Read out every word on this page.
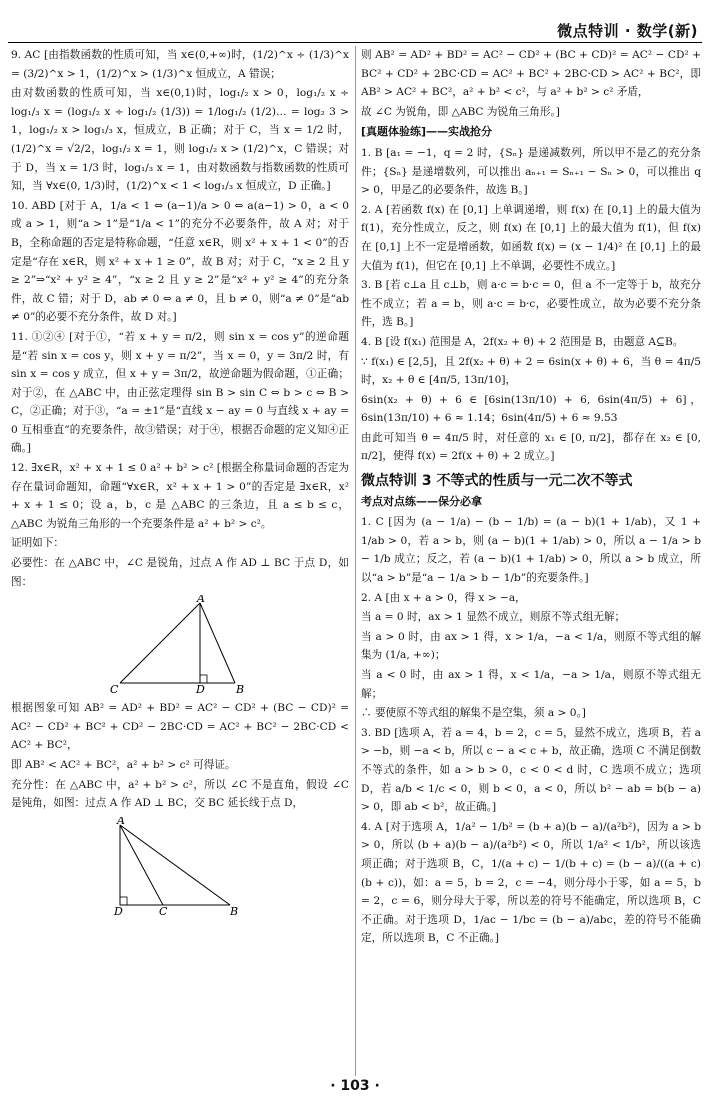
微点特训 · 数学(新)

9. AC [由指数函数的性质可知，当 x∈(0,+∞)时，(1/2)^x ÷ (1/3)^x = (3/2)^x > 1，(1/2)^x > (1/3)^x 恒成立，A 错误；

由对数函数的性质可知，当 x∈(0,1)时，log₁/₂ x > 0，log₁/₂ x ÷ log₁/₃ x = (log₁/₂ x ÷ log₁/₂ (1/3)) = 1/log₁/₂ (1/2)… = log₂ 3 > 1，log₁/₂ x > log₁/₃ x，恒成立，B 正确；对于 C，当 x = 1/2 时，(1/2)^x = √2/2，log₁/₂ x = 1，则 log₁/₂ x > (1/2)^x，C 错误；对于 D，当 x = 1/3 时，log₁/₃ x = 1，由对数函数与指数函数的性质可知，当 ∀x∈(0, 1/3)时，(1/2)^x < 1 < log₁/₃ x 恒成立，D 正确。]

10. ABD [对于 A，1/a < 1 ⇔ (a−1)/a > 0 ⇔ a(a−1) > 0，a < 0 或 a > 1，则“a > 1”是“1/a < 1”的充分不必要条件，故 A 对；对于 B，全称命题的否定是特称命题，“任意 x∈R，则 x² + x + 1 < 0”的否定是“存在 x∈R，则 x² + x + 1 ≥ 0”，故 B 对；对于 C，“x ≥ 2 且 y ≥ 2”⇒“x² + y² ≥ 4”，“x ≥ 2 且 y ≥ 2”是“x² + y² ≥ 4”的充分条件，故 C 错；对于 D，ab ≠ 0 ⇔ a ≠ 0，且 b ≠ 0，则“a ≠ 0”是“ab ≠ 0”的必要不充分条件，故 D 对。]

11. ①②④ [对于①，“若 x + y = π/2，则 sin x = cos y”的逆命题是“若 sin x = cos y，则 x + y = π/2”，当 x = 0，y = 3π/2 时，有 sin x = cos y 成立，但 x + y = 3π/2，故逆命题为假命题，①正确；对于②，在 △ABC 中，由正弦定理得 sin B > sin C ⇔ b > c ⇔ B > C，②正确；对于③，“a = ±1”是“直线 x − ay = 0 与直线 x + ay = 0 互相垂直”的充要条件，故③错误；对于④，根据否命题的定义知④正确。]

12. ∃x∈R，x² + x + 1 ≤ 0 a² + b² > c² [根据全称量词命题的否定为存在量词命题知，命题“∀x∈R，x² + x + 1 > 0”的否定是 ∃x∈R，x² + x + 1 ≤ 0；设 a，b，c 是 △ABC 的三条边，且 a ≤ b ≤ c，△ABC 为锐角三角形的一个充要条件是 a² + b² > c²。

证明如下：

必要性：在 △ABC 中，∠C 是锐角，过点 A 作 AD ⊥ BC 于点 D，如图：

A
C	D	B

根据图象可知 AB² = AD² + BD² = AC² − CD² + (BC − CD)² = AC² − CD² + BC² + CD² − 2BC·CD = AC² + BC² − 2BC·CD < AC² + BC²，

即 AB² < AC² + BC²，a² + b² > c² 可得证。

充分性：在 △ABC 中，a² + b² > c²，所以 ∠C 不是直角，假设 ∠C 是钝角，如图：过点 A 作 AD ⊥ BC，交 BC 延长线于点 D，

A
D	C	B

则 AB² = AD² + BD² = AC² − CD² + (BC + CD)² = AC² − CD² + BC² + CD² + 2BC·CD = AC² + BC² + 2BC·CD > AC² + BC²，即 AB² > AC² + BC²，a² + b² < c²，与 a² + b² > c² 矛盾，

故 ∠C 为锐角，即 △ABC 为锐角三角形。]

[真题体验练]——实战抢分

1. B [a₁ = −1，q = 2 时，{Sₙ} 是递减数列，所以甲不是乙的充分条件；{Sₙ} 是递增数列，可以推出 aₙ₊₁ = Sₙ₊₁ − Sₙ > 0，可以推出 q > 0，甲是乙的必要条件，故选 B。]

2. A [若函数 f(x) 在 [0,1] 上单调递增，则 f(x) 在 [0,1] 上的最大值为 f(1)，充分性成立，反之，则 f(x) 在 [0,1] 上的最大值为 f(1)，但 f(x) 在 [0,1] 上不一定是增函数，如函数 f(x) = (x − 1/4)² 在 [0,1] 上的最大值为 f(1)，但它在 [0,1] 上不单调，必要性不成立。]

3. B [若 c⊥a 且 c⊥b，则 a·c = b·c = 0，但 a 不一定等于 b，故充分性不成立；若 a = b，则 a·c = b·c，必要性成立，故为必要不充分条件，选 B。]

4. B [设 f(x₁) 范围是 A，2f(x₂ + θ) + 2 范围是 B，由题意 A⊆B。

∵ f(x₁) ∈ [2,5]，且 2f(x₂ + θ) + 2 = 6sin(x + θ) + 6，当 θ = 4π/5 时，x₂ + θ ∈ [4π/5, 13π/10]，

6sin(x₂ + θ) + 6 ∈ [6sin(13π/10) + 6, 6sin(4π/5) + 6]，6sin(13π/10) + 6 ≈ 1.14；6sin(4π/5) + 6 ≈ 9.53

由此可知当 θ = 4π/5 时，对任意的 x₁ ∈ [0, π/2]，都存在 x₂ ∈ [0, π/2]，使得 f(x) = 2f(x + θ) + 2 成立。]

微点特训 3 不等式的性质与一元二次不等式
考点对点练——保分必拿

1. C [因为 (a − 1/a) − (b − 1/b) = (a − b)(1 + 1/ab)，又 1 + 1/ab > 0，若 a > b，则 (a − b)(1 + 1/ab) > 0，所以 a − 1/a > b − 1/b 成立；反之，若 (a − b)(1 + 1/ab) > 0，所以 a > b 成立，所以“a > b”是“a − 1/a > b − 1/b”的充要条件。]

2. A [由 x + a > 0，得 x > −a，

当 a = 0 时，ax > 1 显然不成立，则原不等式组无解；

当 a > 0 时，由 ax > 1 得，x > 1/a，−a < 1/a，则原不等式组的解集为 (1/a, +∞)；

当 a < 0 时，由 ax > 1 得，x < 1/a，−a > 1/a，则原不等式组无解；

∴ 要使原不等式组的解集不是空集，须 a > 0。]

3. BD [选项 A，若 a = 4，b = 2，c = 5，显然不成立，选项 B，若 a > −b，则 −a < b，所以 c − a < c + b，故正确，选项 C 不满足倒数不等式的条件，如 a > b > 0，c < 0 < d 时，C 选项不成立；选项 D，若 a/b < 1/c < 0，则 b < 0，a < 0，所以 b² − ab = b(b − a) > 0，即 ab < b²，故正确。]

4. A [对于选项 A，1/a² − 1/b² = (b + a)(b − a)/(a²b²)，因为 a > b > 0，所以 (b + a)(b − a)/(a²b²) < 0，所以 1/a² < 1/b²，所以该选项正确；对于选项 B，C，1/(a + c) − 1/(b + c) = (b − a)/((a + c)(b + c))，如：a = 5，b = 2，c = −4，则分母小于零，如 a = 5，b = 2，c = 6，则分母大于零，所以差的符号不能确定，所以选项 B，C 不正确。对于选项 D，1/ac − 1/bc = (b − a)/abc，差的符号不能确定，所以选项 B，C 不正确。]

· 103 ·
